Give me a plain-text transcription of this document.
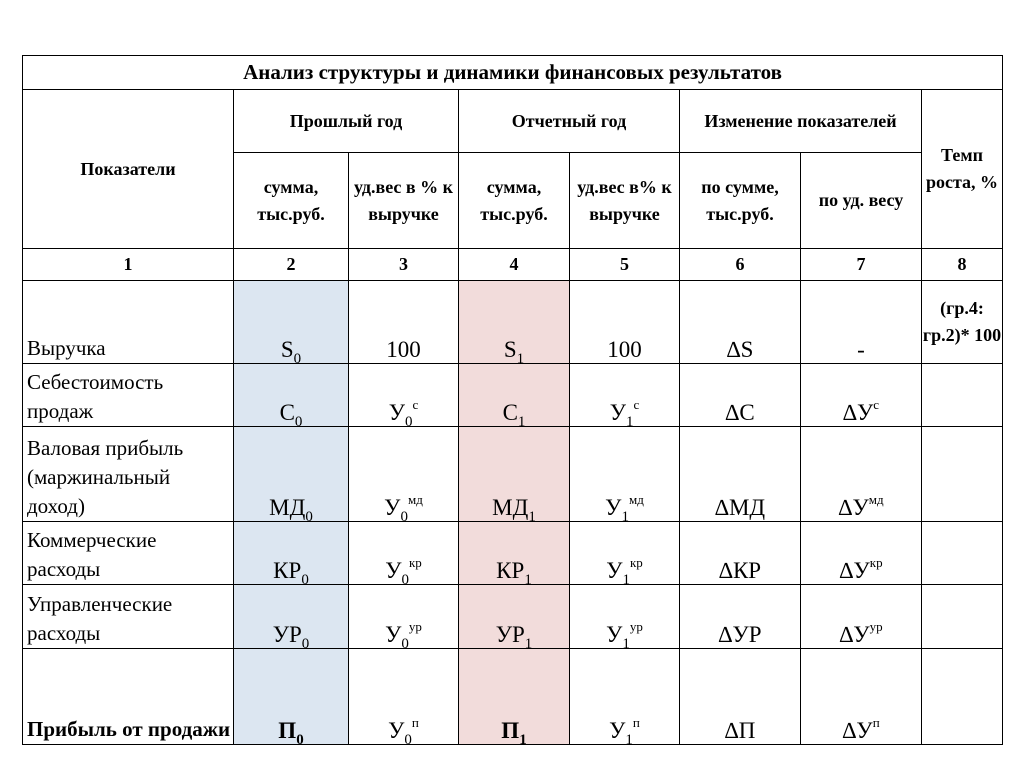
Анализ структуры и динамики финансовых результатов							
Показатели	Прошлый год		Отчетный год		Изменение показателей		Темп роста, %
	сумма, тыс.руб.	уд.вес в % к выручке	сумма, тыс.руб.	уд.вес в% к выручке	по сумме, тыс.руб.	по уд. весу	
1	2	3	4	5	6	7	8
Выручка	$S_0$	100	$S_1$	100	∆S	-	(гр.4: гр.2)* 100
Себестоимость продаж	$C_0$	$У_0^с$	$C_1$	$У_1^с$	∆C	$\Delta У^с$	
Валовая прибыль (маржинальный доход)	$МД_0$	$У_0^{мд}$	$МД_1$	$У_1^{мд}$	∆МД	$\Delta У^{мд}$	
Коммерческие расходы	$КР_0$	$У_0^{кр}$	$КР_1$	$У_1^{кр}$	∆КР	$\Delta У^{кр}$	
Управленческие расходы	$УР_0$	$У_0^{ур}$	$УР_1$	$У_1^{ур}$	∆УР	$\Delta У^{ур}$	
Прибыль от продажи	$П_0$	$У_0^п$	$П_1$	$У_1^п$	∆П	$\Delta У^п$	
